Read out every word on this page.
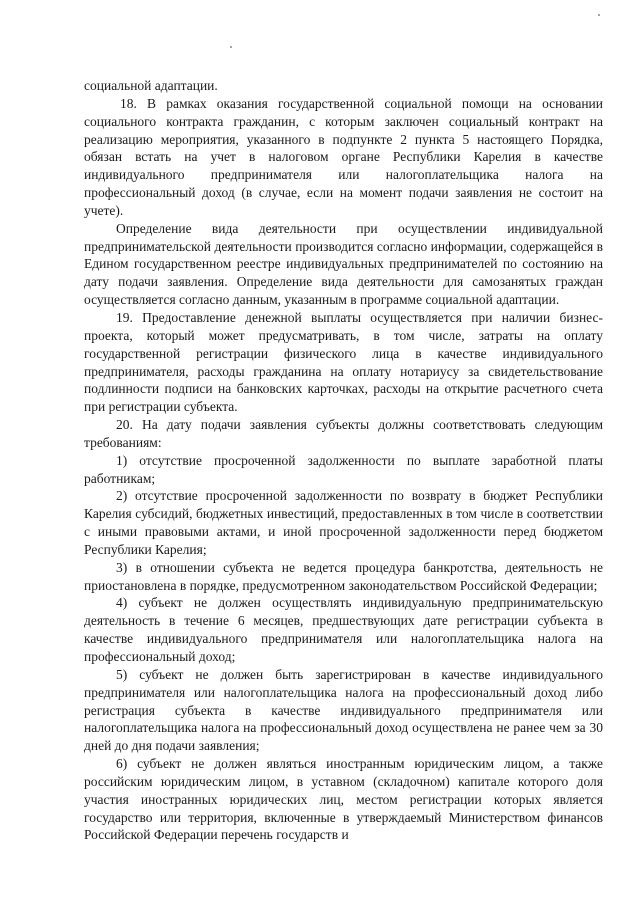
социальной адаптации.

18. В рамках оказания государственной социальной помощи на основании социального контракта гражданин, с которым заключен социальный контракт на реализацию мероприятия, указанного в подпункте 2 пункта 5 настоящего Порядка, обязан встать на учет в налоговом органе Республики Карелия в качестве индивидуального предпринимателя или налогоплательщика налога на профессиональный доход (в случае, если на момент подачи заявления не состоит на учете).

Определение вида деятельности при осуществлении индивидуальной предпринимательской деятельности производится согласно информации, содержащейся в Едином государственном реестре индивидуальных предпринимателей по состоянию на дату подачи заявления. Определение вида деятельности для самозанятых граждан осуществляется согласно данным, указанным в программе социальной адаптации.

19. Предоставление денежной выплаты осуществляется при наличии бизнес-проекта, который может предусматривать, в том числе, затраты на оплату государственной регистрации физического лица в качестве индивидуального предпринимателя, расходы гражданина на оплату нотариусу за свидетельствование подлинности подписи на банковских карточках, расходы на открытие расчетного счета при регистрации субъекта.

20. На дату подачи заявления субъекты должны соответствовать следующим требованиям:

1) отсутствие просроченной задолженности по выплате заработной платы работникам;

2) отсутствие просроченной задолженности по возврату в бюджет Республики Карелия субсидий, бюджетных инвестиций, предоставленных в том числе в соответствии с иными правовыми актами, и иной просроченной задолженности перед бюджетом Республики Карелия;

3) в отношении субъекта не ведется процедура банкротства, деятельность не приостановлена в порядке, предусмотренном законодательством Российской Федерации;

4) субъект не должен осуществлять индивидуальную предпринимательскую деятельность в течение 6 месяцев, предшествующих дате регистрации субъекта в качестве индивидуального предпринимателя или налогоплательщика налога на профессиональный доход;

5) субъект не должен быть зарегистрирован в качестве индивидуального предпринимателя или налогоплательщика налога на профессиональный доход либо регистрация субъекта в качестве индивидуального предпринимателя или налогоплательщика налога на профессиональный доход осуществлена не ранее чем за 30 дней до дня подачи заявления;

6) субъект не должен являться иностранным юридическим лицом, а также российским юридическим лицом, в уставном (складочном) капитале которого доля участия иностранных юридических лиц, местом регистрации которых является государство или территория, включенные в утверждаемый Министерством финансов Российской Федерации перечень государств и
